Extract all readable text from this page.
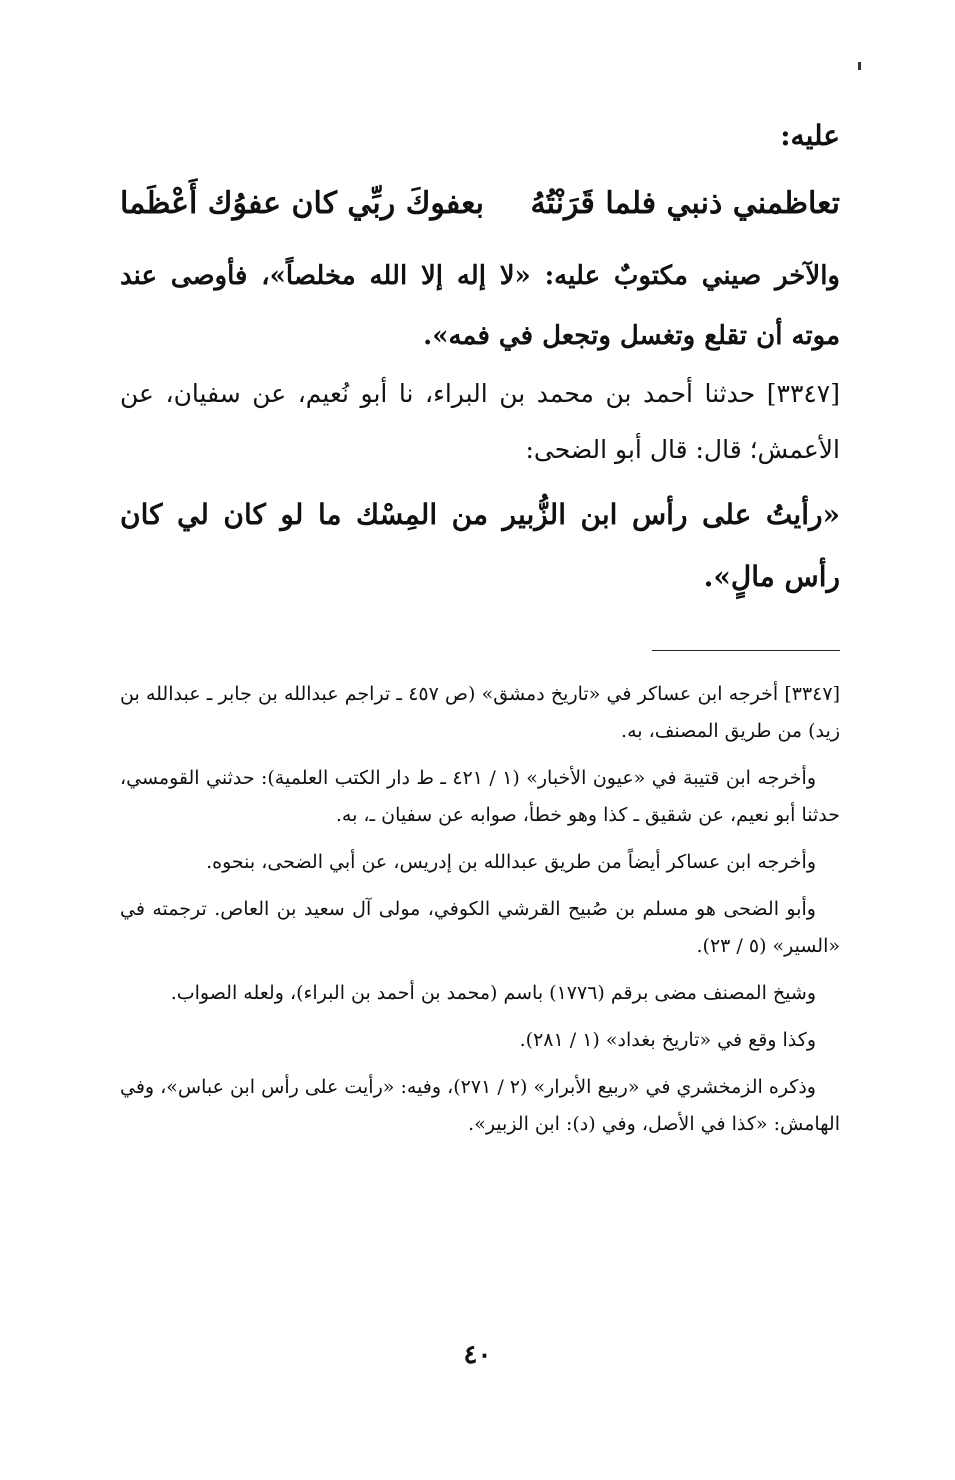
عليه:

تعاظمني ذنبي فلما قَرَنْتُهُ
بعفوكَ ربِّي كان عفوُك أَعْظَما

والآخر صيني مكتوبٌ عليه: «لا إله إلا الله مخلصاً»، فأوصى عند موته أن تقلع وتغسل وتجعل في فمه».

[٣٣٤٧] حدثنا أحمد بن محمد بن البراء، نا أبو نُعيم، عن سفيان، عن الأعمش؛ قال: قال أبو الضحى:

«رأيتُ على رأس ابن الزُّبير من المِسْك ما لو كان لي كان رأس مالٍ».

[٣٣٤٧] أخرجه ابن عساكر في «تاريخ دمشق» (ص ٤٥٧ ـ تراجم عبدالله بن جابر ـ عبدالله بن زيد) من طريق المصنف، به.

وأخرجه ابن قتيبة في «عيون الأخبار» (١ / ٤٢١ ـ ط دار الكتب العلمية): حدثني القومسي، حدثنا أبو نعيم، عن شقيق ـ كذا وهو خطأ، صوابه عن سفيان ـ، به.

وأخرجه ابن عساكر أيضاً من طريق عبدالله بن إدريس، عن أبي الضحى، بنحوه.

وأبو الضحى هو مسلم بن صُبيح القرشي الكوفي، مولى آل سعيد بن العاص. ترجمته في «السير» (٥ / ٢٣).

وشيخ المصنف مضى برقم (١٧٧٦) باسم (محمد بن أحمد بن البراء)، ولعله الصواب.

وكذا وقع في «تاريخ بغداد» (١ / ٢٨١).

وذكره الزمخشري في «ربيع الأبرار» (٢ / ٢٧١)، وفيه: «رأيت على رأس ابن عباس»، وفي الهامش: «كذا في الأصل، وفي (د): ابن الزبير».

٤٠
